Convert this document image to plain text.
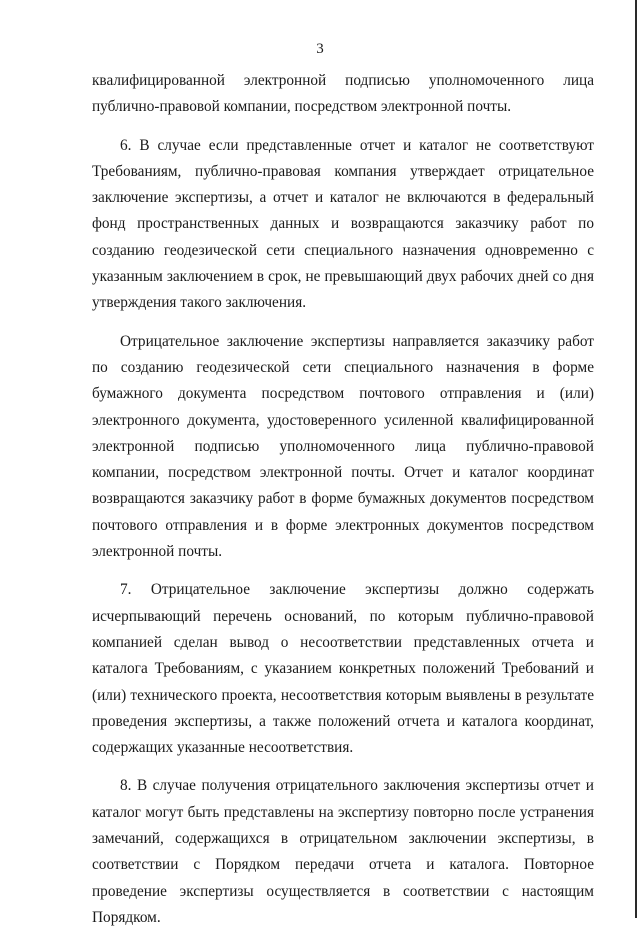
3

квалифицированной электронной подписью уполномоченного лица публично-правовой компании, посредством электронной почты.

6. В случае если представленные отчет и каталог не соответствуют Требованиям, публично-правовая компания утверждает отрицательное заключение экспертизы, а отчет и каталог не включаются в федеральный фонд пространственных данных и возвращаются заказчику работ по созданию геодезической сети специального назначения одновременно с указанным заключением в срок, не превышающий двух рабочих дней со дня утверждения такого заключения.

Отрицательное заключение экспертизы направляется заказчику работ по созданию геодезической сети специального назначения в форме бумажного документа посредством почтового отправления и (или) электронного документа, удостоверенного усиленной квалифицированной электронной подписью уполномоченного лица публично-правовой компании, посредством электронной почты. Отчет и каталог координат возвращаются заказчику работ в форме бумажных документов посредством почтового отправления и в форме электронных документов посредством электронной почты.

7. Отрицательное заключение экспертизы должно содержать исчерпывающий перечень оснований, по которым публично-правовой компанией сделан вывод о несоответствии представленных отчета и каталога Требованиям, с указанием конкретных положений Требований и (или) технического проекта, несоответствия которым выявлены в результате проведения экспертизы, а также положений отчета и каталога координат, содержащих указанные несоответствия.

8. В случае получения отрицательного заключения экспертизы отчет и каталог могут быть представлены на экспертизу повторно после устранения замечаний, содержащихся в отрицательном заключении экспертизы, в соответствии с Порядком передачи отчета и каталога. Повторное проведение экспертизы осуществляется в соответствии с настоящим Порядком.
